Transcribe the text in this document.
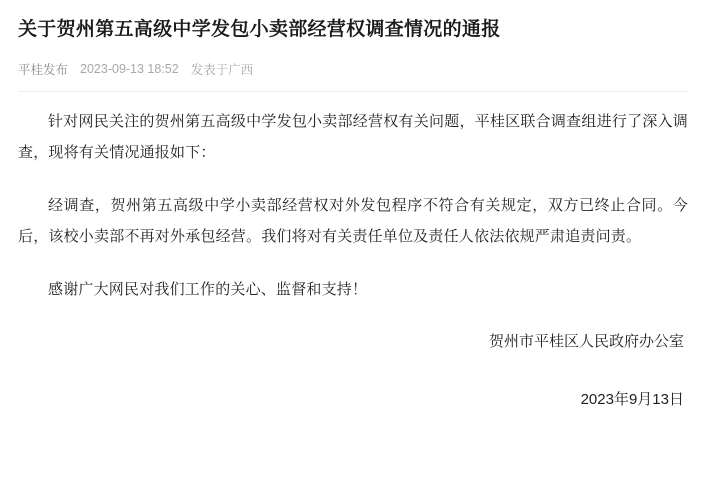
关于贺州第五高级中学发包小卖部经营权调查情况的通报
平桂发布 2023-09-13 18:52 发表于广西

针对网民关注的贺州第五高级中学发包小卖部经营权有关问题，平桂区联合调查组进行了深入调查，现将有关情况通报如下：

经调查，贺州第五高级中学小卖部经营权对外发包程序不符合有关规定，双方已终止合同。今后，该校小卖部不再对外承包经营。我们将对有关责任单位及责任人依法依规严肃追责问责。

感谢广大网民对我们工作的关心、监督和支持！

贺州市平桂区人民政府办公室
2023年9月13日
